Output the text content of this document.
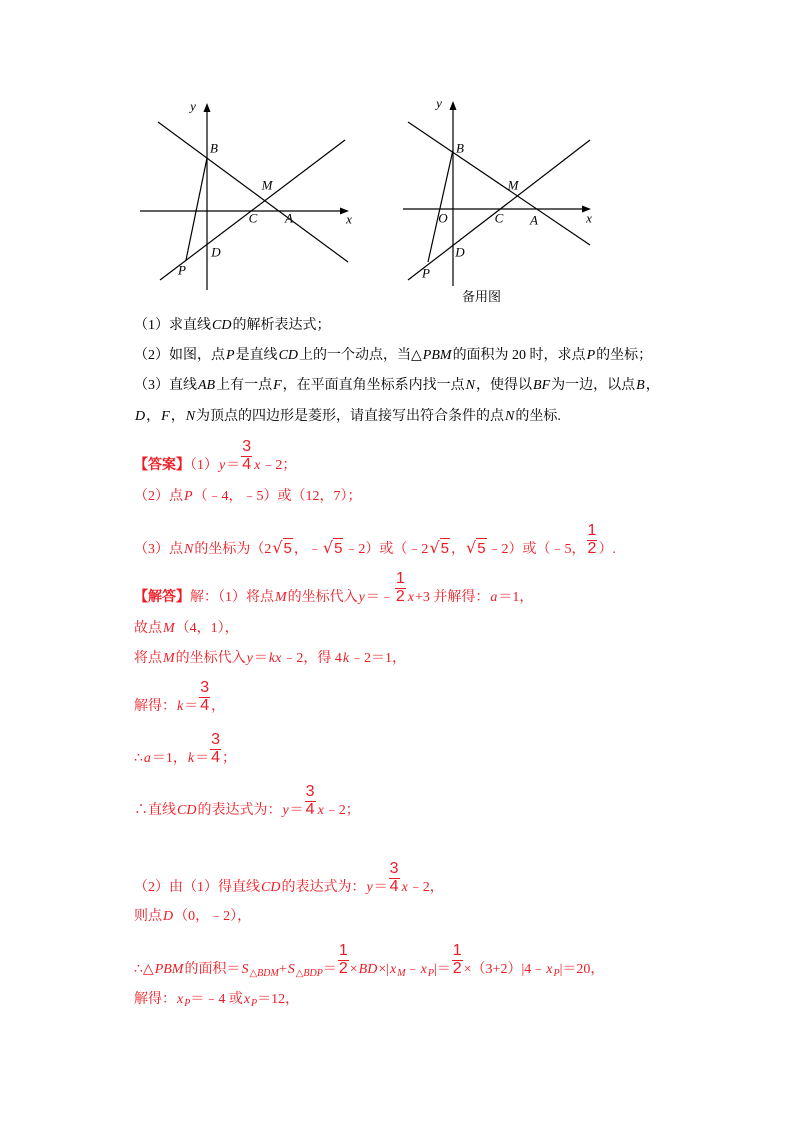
y
x
B
M
C A
D
P
y
x
O
B
M
C A
D
P
备用图
（1）求直线CD的解析表达式；
（2）如图，点P是直线CD上的一个动点，当△PBM的面积为 20 时，求点P的坐标；
（3）直线AB上有一点F，在平面直角坐标系内找一点N，使得以BF为一边，以点B，
D，F，N为顶点的四边形是菱形，请直接写出符合条件的点N的坐标.
【答案】$(1)y= \frac{3}{4}$ x﹣2；
（2）点P（﹣4，﹣5）或（12，7）；
（3）点N的坐标为（2√5 ，﹣√5 ﹣2）或（﹣2√5 ，√5 ﹣2）或（﹣5， $\frac{1}{2}$ ）.
【解答】解：（1）将点M的坐标代入y＝﹣ $\frac{1}{2} x+3$ 并解得：a＝1，
故点M（4，1），
将点M的坐标代入y＝kx﹣2，得 4k﹣2＝1，
解得：$k= \frac{3}{4}$ ，
∴a＝1，$k= \frac{3}{4}$ ；
∴直线CD的表达式为：$y= \frac{3}{4}$ x﹣2；
（2）由（1）得直线CD的表达式为：$y= \frac{3}{4}$ x﹣2，
则点D（0，﹣2），
∴△PBM的面积$=S_{\triangle BDM}+S_{\triangle BDP}= \frac{1}{2}$ $\times BD\times|x_M﹣x_P|= \frac{1}{2}$ $\times(3+2)|4﹣x_P|=20$，
解得：$x_P=﹣4$ 或$x_P=12$，
